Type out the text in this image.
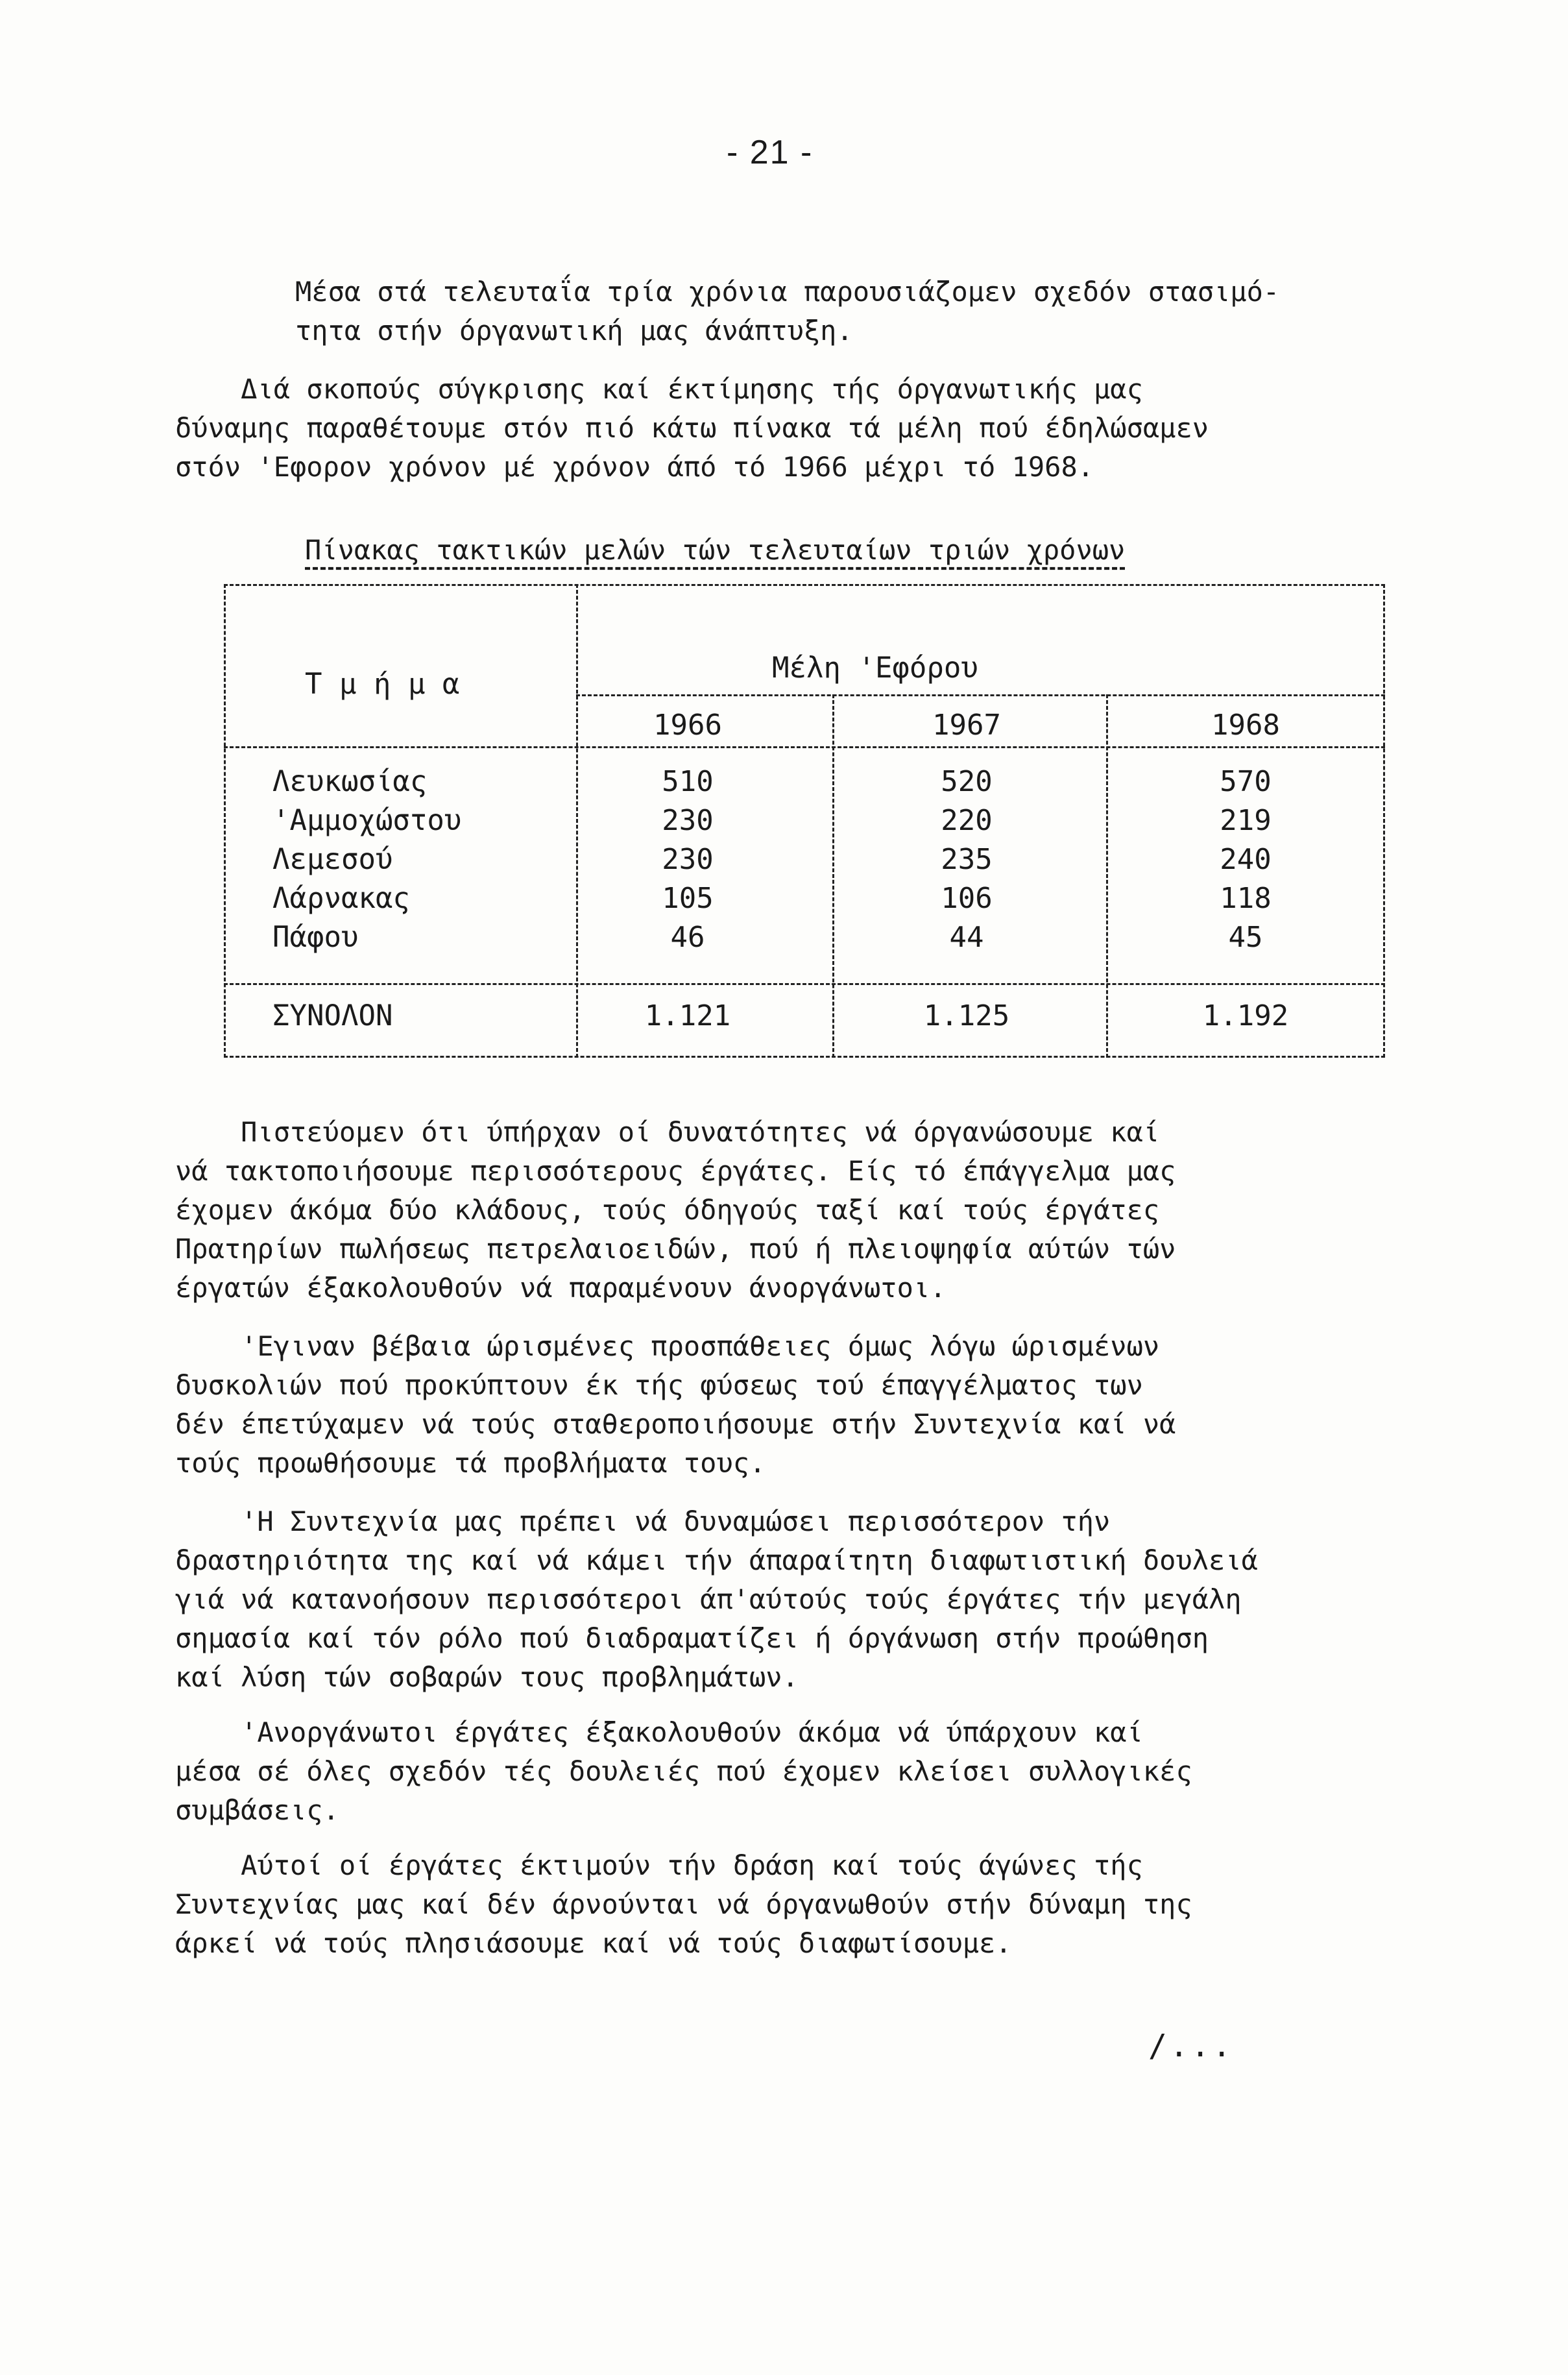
- 21 -

Μέσα στά τελευταΐα τρία χρόνια παρουσιάζομεν σχεδόν στασιμό-
τητα στήν όργανωτική μας άνάπτυξη.

Διά σκοπούς σύγκρισης καί έκτίμησης τής όργανωτικής μας
δύναμης παραθέτουμε στόν πιό κάτω πίνακα τά μέλη πού έδηλώσαμεν
στόν 'Εφορον χρόνον μέ χρόνον άπό τό 1966 μέχρι τό 1968.

Πίνακας τακτικών μελών τών τελευταίων τριών χρόνων
Τ μ ή μ α	Μέλη 'Εφόρου
1966	1967	1968
Λευκωσίας	510	520	570
'Αμμοχώστου	230	220	219
Λεμεσού	230	235	240
Λάρνακας	105	106	118
Πάφου	46	44	45
ΣΥΝΟΛΟΝ	1.121	1.125	1.192

Πιστεύομεν ότι ύπήρχαν οί δυνατότητες νά όργανώσουμε καί
νά τακτοποιήσουμε περισσότερους έργάτες. Είς τό έπάγγελμα μας
έχομεν άκόμα δύο κλάδους, τούς όδηγούς ταξί καί τούς έργάτες
Πρατηρίων πωλήσεως πετρελαιοειδών, πού ή πλειοψηφία αύτών τών
έργατών έξακολουθούν νά παραμένουν άνοργάνωτοι.

'Εγιναν βέβαια ώρισμένες προσπάθειες όμως λόγω ώρισμένων
δυσκολιών πού προκύπτουν έκ τής φύσεως τού έπαγγέλματος των
δέν έπετύχαμεν νά τούς σταθεροποιήσουμε στήν Συντεχνία καί νά
τούς προωθήσουμε τά προβλήματα τους.

'Η Συντεχνία μας πρέπει νά δυναμώσει περισσότερον τήν
δραστηριότητα της καί νά κάμει τήν άπαραίτητη διαφωτιστική δουλειά
γιά νά κατανοήσουν περισσότεροι άπ'αύτούς τούς έργάτες τήν μεγάλη
σημασία καί τόν ρόλο πού διαδραματίζει ή όργάνωση στήν προώθηση
καί λύση τών σοβαρών τους προβλημάτων.

'Ανοργάνωτοι έργάτες έξακολουθούν άκόμα νά ύπάρχουν καί
μέσα σέ όλες σχεδόν τές δουλειές πού έχομεν κλείσει συλλογικές
συμβάσεις.

Αύτοί οί έργάτες έκτιμούν τήν δράση καί τούς άγώνες τής
Συντεχνίας μας καί δέν άρνούνται νά όργανωθούν στήν δύναμη της
άρκεί νά τούς πλησιάσουμε καί νά τούς διαφωτίσουμε.

/...
